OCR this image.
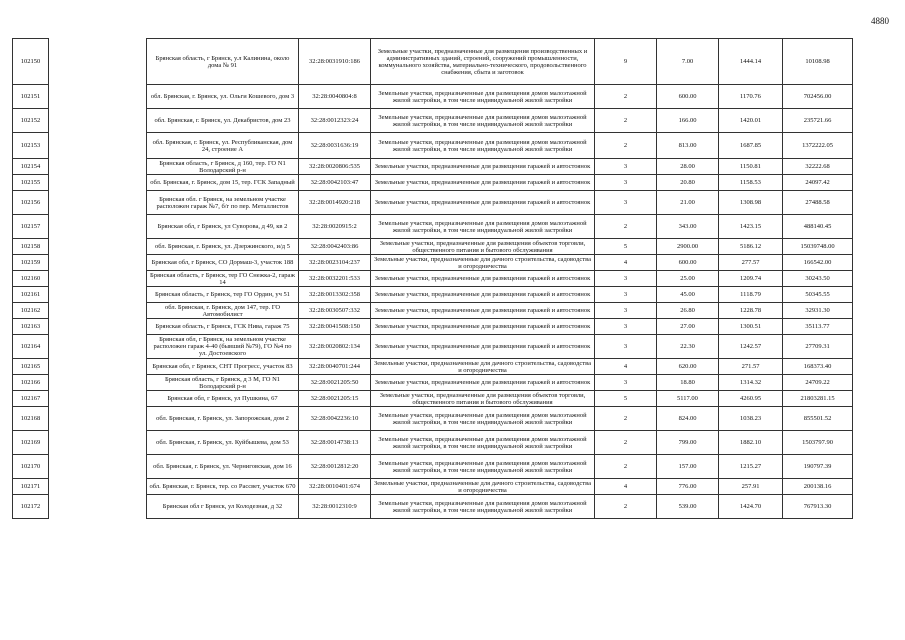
4880
102150		Брянская область, г Брянск, у.л Калинина, около дома № 91	32:28:0031910:186	Земельные участки, предназначенные для размещения производственных и административных зданий, строений, сооружений промышленности, коммунального хозяйства, материально-технического, продовольственного снабжения, сбыта и заготовок	9	7.00	1444.14	10108.98
102151		обл. Брянская, г. Брянск, ул. Ольги Кошевого, дом 3	32:28:0040804:8	Земельные участки, предназначенные для размещения домов малоэтажной жилой застройки, в том числе индивидуальной жилой застройки	2	600.00	1170.76	702456.00
102152		обл. Брянская, г. Брянск, ул. Декабристов, дом 23	32:28:0012323:24	Земельные участки, предназначенные для размещения домов малоэтажной жилой застройки, в том числе индивидуальной жилой застройки	2	166.00	1420.01	235721.66
102153		обл. Брянская, г. Брянск, ул. Республиканская, дом 24, строение А	32:28:0031636:19	Земельные участки, предназначенные для размещения домов малоэтажной жилой застройки, в том числе индивидуальной жилой застройки	2	813.00	1687.85	1372222.05
102154		Брянская область, г Брянск, д 160, тер. ГО N1 Володарский р-н	32:28:0020806:535	Земельные участки, предназначенные для размещения гаражей и автостоянок	3	28.00	1150.81	32222.68
102155		обл. Брянская, г. Брянск, дом 15, тер. ГСК Западный	32:28:0042103:47	Земельные участки, предназначенные для размещения гаражей и автостоянок	3	20.80	1158.53	24097.42
102156		Брянская обл. г Брянск, на земельном участке расположен гараж №7, б/г по пер. Металлистов	32:28:0014920:218	Земельные участки, предназначенные для размещения гаражей и автостоянок	3	21.00	1308.98	27488.58
102157		Брянская обл, г Брянск, ул Суворова, д 49, кв 2	32:28:0020915:2	Земельные участки, предназначенные для размещения домов малоэтажной жилой застройки, в том числе индивидуальной жилой застройки	2	343.00	1423.15	488140.45
102158		обл. Брянская, г. Брянск, ул. Дзержинского, и/д 5	32:28:0042403:86	Земельные участки, предназначенные для размещения объектов торговли, общественного питания и бытового обслуживания	5	2900.00	5186.12	15039748.00
102159		Брянская обл, г Брянск, СО Дормаш-3, участок 188	32:28:0023104:237	Земельные участки, предназначенные для дачного строительства, садоводства и огородничества	4	600.00	277.57	166542.00
102160		Брянская область, г Брянск, тер ГО Снежка-2, гараж 14	32:28:0032201:533	Земельные участки, предназначенные для размещения гаражей и автостоянок	3	25.00	1209.74	30243.50
102161		Брянская область, г Брянск, тер ГО Ордин, уч 51	32:28:0013302:358	Земельные участки, предназначенные для размещения гаражей и автостоянок	3	45.00	1118.79	50345.55
102162		обл. Брянская, г. Брянск, дом 147, тер. ГО Автомобилист	32:28:0030507:332	Земельные участки, предназначенные для размещения гаражей и автостоянок	3	26.80	1228.78	32931.30
102163		Брянская область, г Брянск, ГСК Нива, гараж 75	32:28:0041508:150	Земельные участки, предназначенные для размещения гаражей и автостоянок	3	27.00	1300.51	35113.77
102164		Брянская обл, г Брянск, на земельном участке расположен гараж 4-40 (бывший №79), ГО №4 по ул. Достоевского	32:28:0020802:134	Земельные участки, предназначенные для размещения гаражей и автостоянок	3	22.30	1242.57	27709.31
102165		Брянская обл, г Брянск, СНТ Прогресс, участок 83	32:28:0040701:244	Земельные участки, предназначенные для дачного строительства, садоводства и огородничества	4	620.00	271.57	168373.40
102166		Брянская область, г Брянск, д 3 М, ГО N1 Володарский р-н	32:28:0021205:50	Земельные участки, предназначенные для размещения гаражей и автостоянок	3	18.80	1314.32	24709.22
102167		Брянская обл, г Брянск, ул Пушкина, 67	32:28:0021205:15	Земельные участки, предназначенные для размещения объектов торговли, общественного питания и бытового обслуживания	5	5117.00	4260.95	21803281.15
102168		обл. Брянская, г. Брянск, ул. Запорожская, дом 2	32:28:0042236:10	Земельные участки, предназначенные для размещения домов малоэтажной жилой застройки, в том числе индивидуальной жилой застройки	2	824.00	1038.23	855501.52
102169		обл. Брянская, г. Брянск, ул. Куйбышева, дом 53	32:28:0014738:13	Земельные участки, предназначенные для размещения домов малоэтажной жилой застройки, в том числе индивидуальной жилой застройки	2	799.00	1882.10	1503797.90
102170		обл. Брянская, г. Брянск, ул. Черниговская, дом 16	32:28:0012812:20	Земельные участки, предназначенные для размещения домов малоэтажной жилой застройки, в том числе индивидуальной жилой застройки	2	157.00	1215.27	190797.39
102171		обл. Брянская, г. Брянск, тер. со Рассвет, участок 670	32:28:0010401:674	Земельные участки, предназначенные для дачного строительства, садоводства и огородничества	4	776.00	257.91	200138.16
102172		Брянская обл г Брянск, ул Колодезная, д 32	32:28:0012310:9	Земельные участки, предназначенные для размещения домов малоэтажной жилой застройки, в том числе индивидуальной жилой застройки	2	539.00	1424.70	767913.30
